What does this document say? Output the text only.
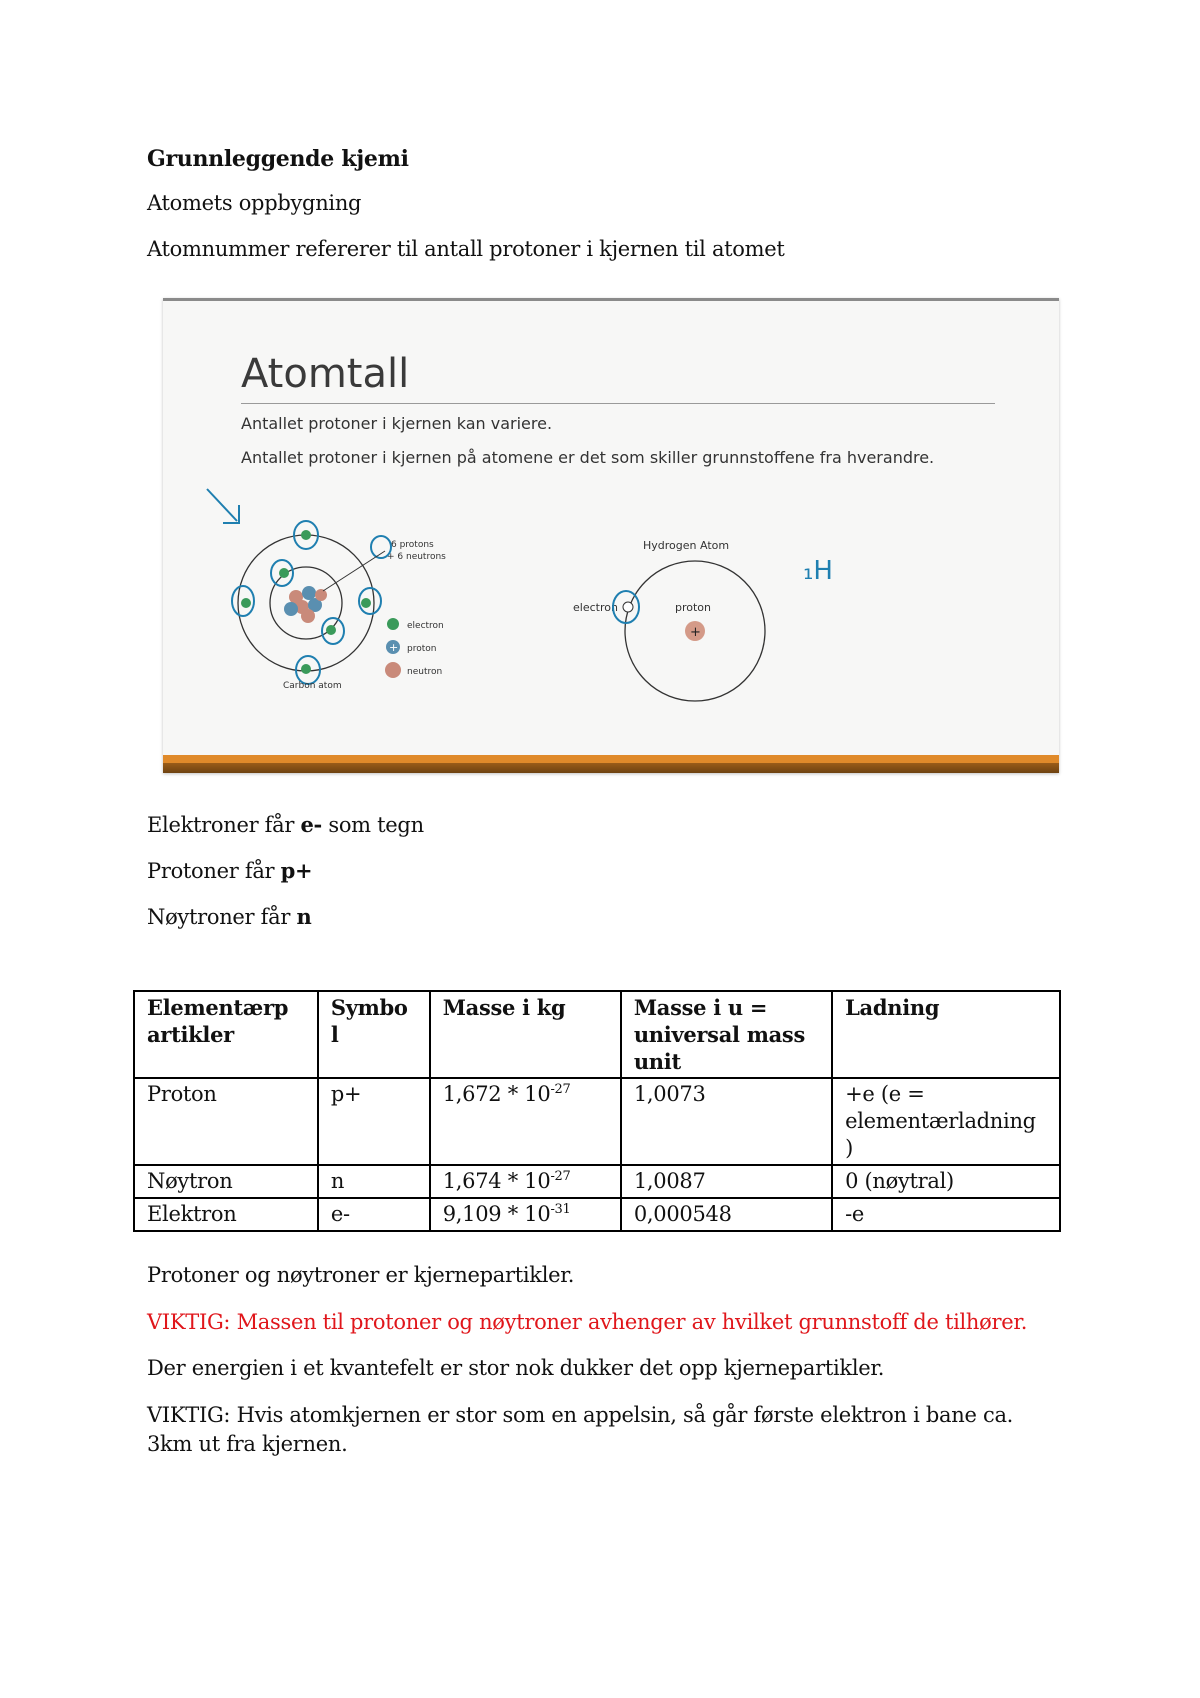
Grunnleggende kjemi

Atomets oppbygning

Atomnummer refererer til antall protoner i kjernen til atomet

Atomtall
Antallet protoner i kjernen kan variere.
Antallet protoner i kjernen på atomene er det som skiller grunnstoffene fra hverandre.
6 protons
+ 6 neutrons
electron
+ proton
neutron
Carbon atom
Hydrogen Atom
+
proton
electron
₁H

Elektroner får e- som tegn

Protoner får p+

Nøytroner får n

Elementærp artikler	Symbo l	Masse i kg	Masse i u = universal mass unit	Ladning
Proton	p+	$1,672 * 10^{-27}$	1,0073	+e (e = elementærladning )
Nøytron	n	$1,674 * 10^{-27}$	1,0087	0 (nøytral)
Elektron	e-	$9,109 * 10^{-31}$	0,000548	-e

Protoner og nøytroner er kjernepartikler.

VIKTIG: Massen til protoner og nøytroner avhenger av hvilket grunnstoff de tilhører.

Der energien i et kvantefelt er stor nok dukker det opp kjernepartikler.

VIKTIG: Hvis atomkjernen er stor som en appelsin, så går første elektron i bane ca.

3km ut fra kjernen.
